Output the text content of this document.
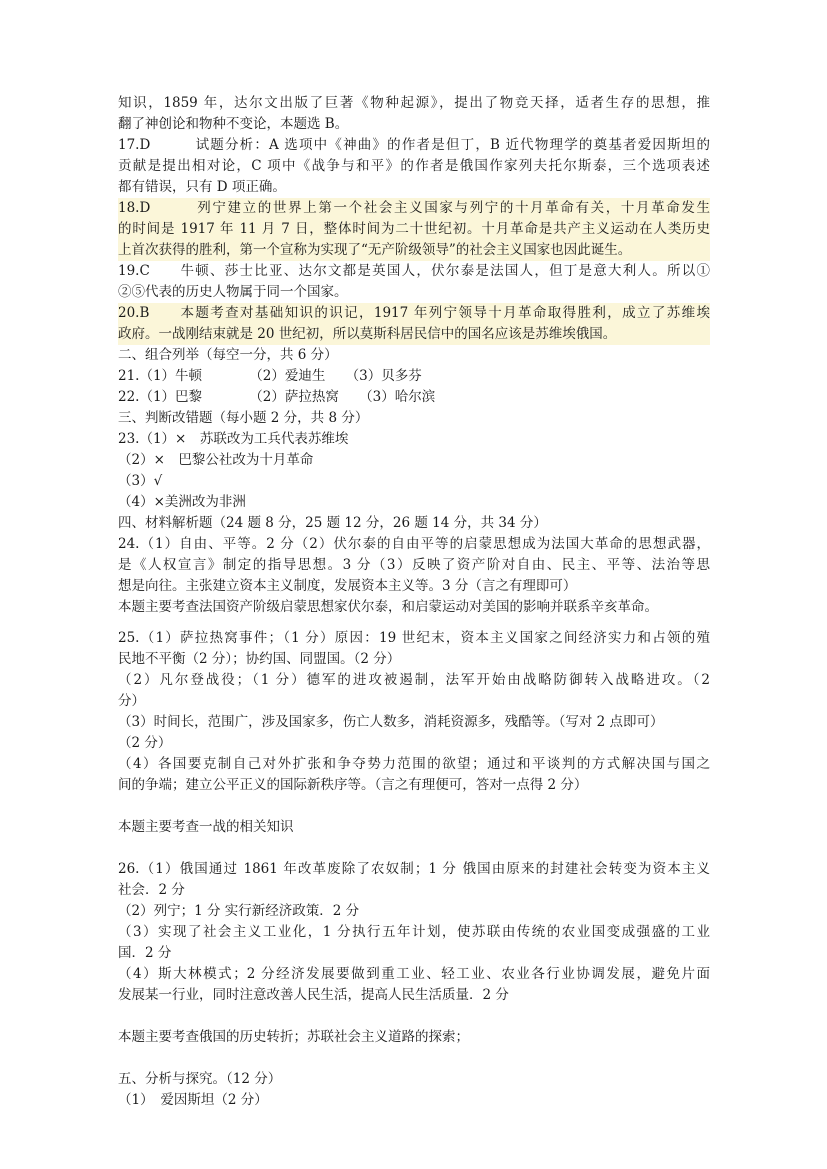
知识，1859 年，达尔文出版了巨著《物种起源》，提出了物竞天择，适者生存的思想，推
翻了神创论和物种不变论，本题选 B。
17.D　　　试题分析：A 选项中《神曲》的作者是但丁，B 近代物理学的奠基者爱因斯坦的
贡献是提出相对论，C 项中《战争与和平》的作者是俄国作家列夫托尔斯泰，三个选项表述
都有错误，只有 D 项正确。
18.D　　　列宁建立的世界上第一个社会主义国家与列宁的十月革命有关，十月革命发生
的时间是 1917 年 11 月 7 日，整体时间为二十世纪初。十月革命是共产主义运动在人类历史
上首次获得的胜利，第一个宣称为实现了“无产阶级领导”的社会主义国家也因此诞生。
19.C　　牛顿、莎士比亚、达尔文都是英国人，伏尔泰是法国人，但丁是意大利人。所以①
②⑤代表的历史人物属于同一个国家。
20.B　　本题考查对基础知识的识记，1917 年列宁领导十月革命取得胜利，成立了苏维埃
政府。一战刚结束就是 20 世纪初，所以莫斯科居民信中的国名应该是苏维埃俄国。
二、组合列举（每空一分，共 6 分）
21.（1）牛顿　　　　（2）爱迪生　　（3）贝多芬
22.（1）巴黎　　　　（2）萨拉热窝　　（3）哈尔滨
三、判断改错题（每小题 2 分，共 8 分）
23.（1）×　苏联改为工兵代表苏维埃
（2）×　巴黎公社改为十月革命
（3）√
（4）×美洲改为非洲
四、材料解析题（24 题 8 分，25 题 12 分，26 题 14 分，共 34 分）
24.（1）自由、平等。2 分（2）伏尔泰的自由平等的启蒙思想成为法国大革命的思想武器，
是《人权宣言》制定的指导思想。3 分（3）反映了资产阶对自由、民主、平等、法治等思
想是向往。主张建立资本主义制度，发展资本主义等。3 分（言之有理即可）
本题主要考查法国资产阶级启蒙思想家伏尔泰，和启蒙运动对美国的影响并联系辛亥革命。
25.（1）萨拉热窝事件；（1 分）原因：19 世纪末，资本主义国家之间经济实力和占领的殖
民地不平衡（2 分）；协约国、同盟国。（2 分）
（2）凡尔登战役；（1 分）德军的进攻被遏制，法军开始由战略防御转入战略进攻。（2
分）
（3）时间长，范围广，涉及国家多，伤亡人数多，消耗资源多，残酷等。（写对 2 点即可）
（2 分）
（4）各国要克制自己对外扩张和争夺势力范围的欲望；通过和平谈判的方式解决国与国之
间的争端；建立公平正义的国际新秩序等。（言之有理便可，答对一点得 2 分）
本题主要考查一战的相关知识
26.（1）俄国通过 1861 年改革废除了农奴制；1 分 俄国由原来的封建社会转变为资本主义
社会．2 分
（2）列宁；1 分 实行新经济政策．2 分
（3）实现了社会主义工业化，1 分执行五年计划，使苏联由传统的农业国变成强盛的工业
国．2 分
（4）斯大林模式；2 分经济发展要做到重工业、轻工业、农业各行业协调发展，避免片面
发展某一行业，同时注意改善人民生活，提高人民生活质量．2 分
本题主要考查俄国的历史转折；苏联社会主义道路的探索；
五、分析与探究。（12 分）
（1）　爱因斯坦（2 分）
